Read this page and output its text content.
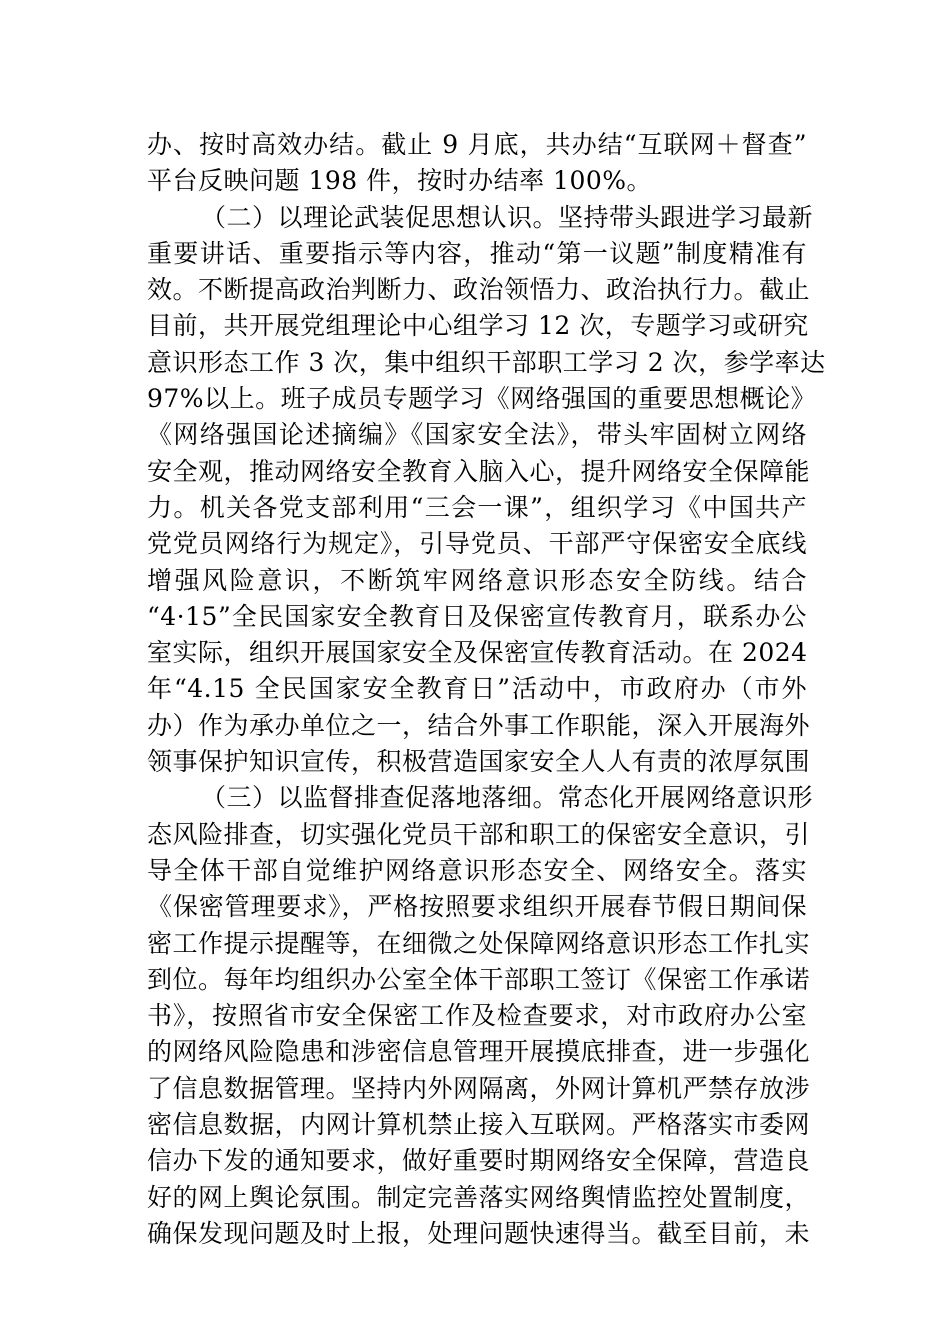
办、按时高效办结。截止 9 月底，共办结“互联网＋督查”
平台反映问题 198 件，按时办结率 100%。
（二）以理论武装促思想认识。坚持带头跟进学习最新
重要讲话、重要指示等内容，推动“第一议题”制度精准有
效。不断提高政治判断力、政治领悟力、政治执行力。截止
目前，共开展党组理论中心组学习 12 次，专题学习或研究
意识形态工作 3 次，集中组织干部职工学习 2 次，参学率达
97%以上。班子成员专题学习《网络强国的重要思想概论》
《网络强国论述摘编》《国家安全法》，带头牢固树立网络
安全观，推动网络安全教育入脑入心，提升网络安全保障能
力。机关各党支部利用“三会一课”，组织学习《中国共产
党党员网络行为规定》，引导党员、干部严守保密安全底线
增强风险意识，不断筑牢网络意识形态安全防线。结合
“4·15”全民国家安全教育日及保密宣传教育月，联系办公
室实际，组织开展国家安全及保密宣传教育活动。在 2024
年“4.15 全民国家安全教育日”活动中，市政府办（市外
办）作为承办单位之一，结合外事工作职能，深入开展海外
领事保护知识宣传，积极营造国家安全人人有责的浓厚氛围
（三）以监督排查促落地落细。常态化开展网络意识形
态风险排查，切实强化党员干部和职工的保密安全意识，引
导全体干部自觉维护网络意识形态安全、网络安全。落实
《保密管理要求》，严格按照要求组织开展春节假日期间保
密工作提示提醒等，在细微之处保障网络意识形态工作扎实
到位。每年均组织办公室全体干部职工签订《保密工作承诺
书》，按照省市安全保密工作及检查要求，对市政府办公室
的网络风险隐患和涉密信息管理开展摸底排查，进一步强化
了信息数据管理。坚持内外网隔离，外网计算机严禁存放涉
密信息数据，内网计算机禁止接入互联网。严格落实市委网
信办下发的通知要求，做好重要时期网络安全保障，营造良
好的网上舆论氛围。制定完善落实网络舆情监控处置制度，
确保发现问题及时上报，处理问题快速得当。截至目前，未
